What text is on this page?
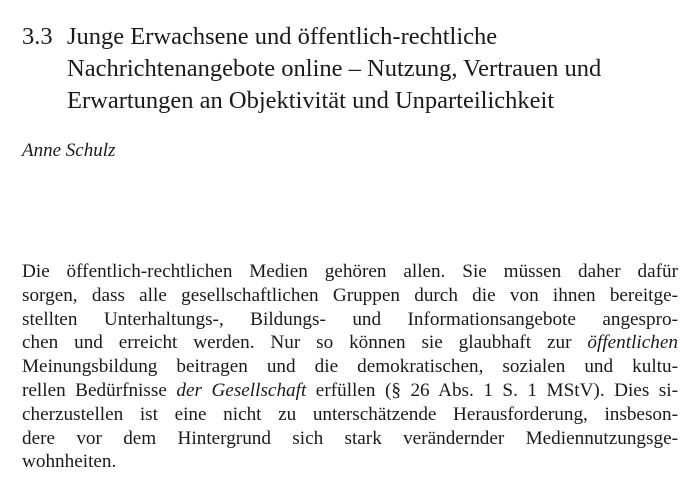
3.3 Junge Erwachsene und öffentlich-rechtliche
Nachrichtenangebote online – Nutzung, Vertrauen und
Erwartungen an Objektivität und Unparteilichkeit
Anne Schulz
Die öffentlich-rechtlichen Medien gehören allen. Sie müssen daher dafür
sorgen, dass alle gesellschaftlichen Gruppen durch die von ihnen bereitge-
stellten Unterhaltungs-, Bildungs- und Informationsangebote angespro-
chen und erreicht werden. Nur so können sie glaubhaft zur öffentlichen
Meinungsbildung beitragen und die demokratischen, sozialen und kultu-
rellen Bedürfnisse der Gesellschaft erfüllen (§ 26 Abs. 1 S. 1 MStV). Dies si-
cherzustellen ist eine nicht zu unterschätzende Herausforderung, insbeson-
dere vor dem Hintergrund sich stark verändernder Mediennutzungsge-
wohnheiten.
